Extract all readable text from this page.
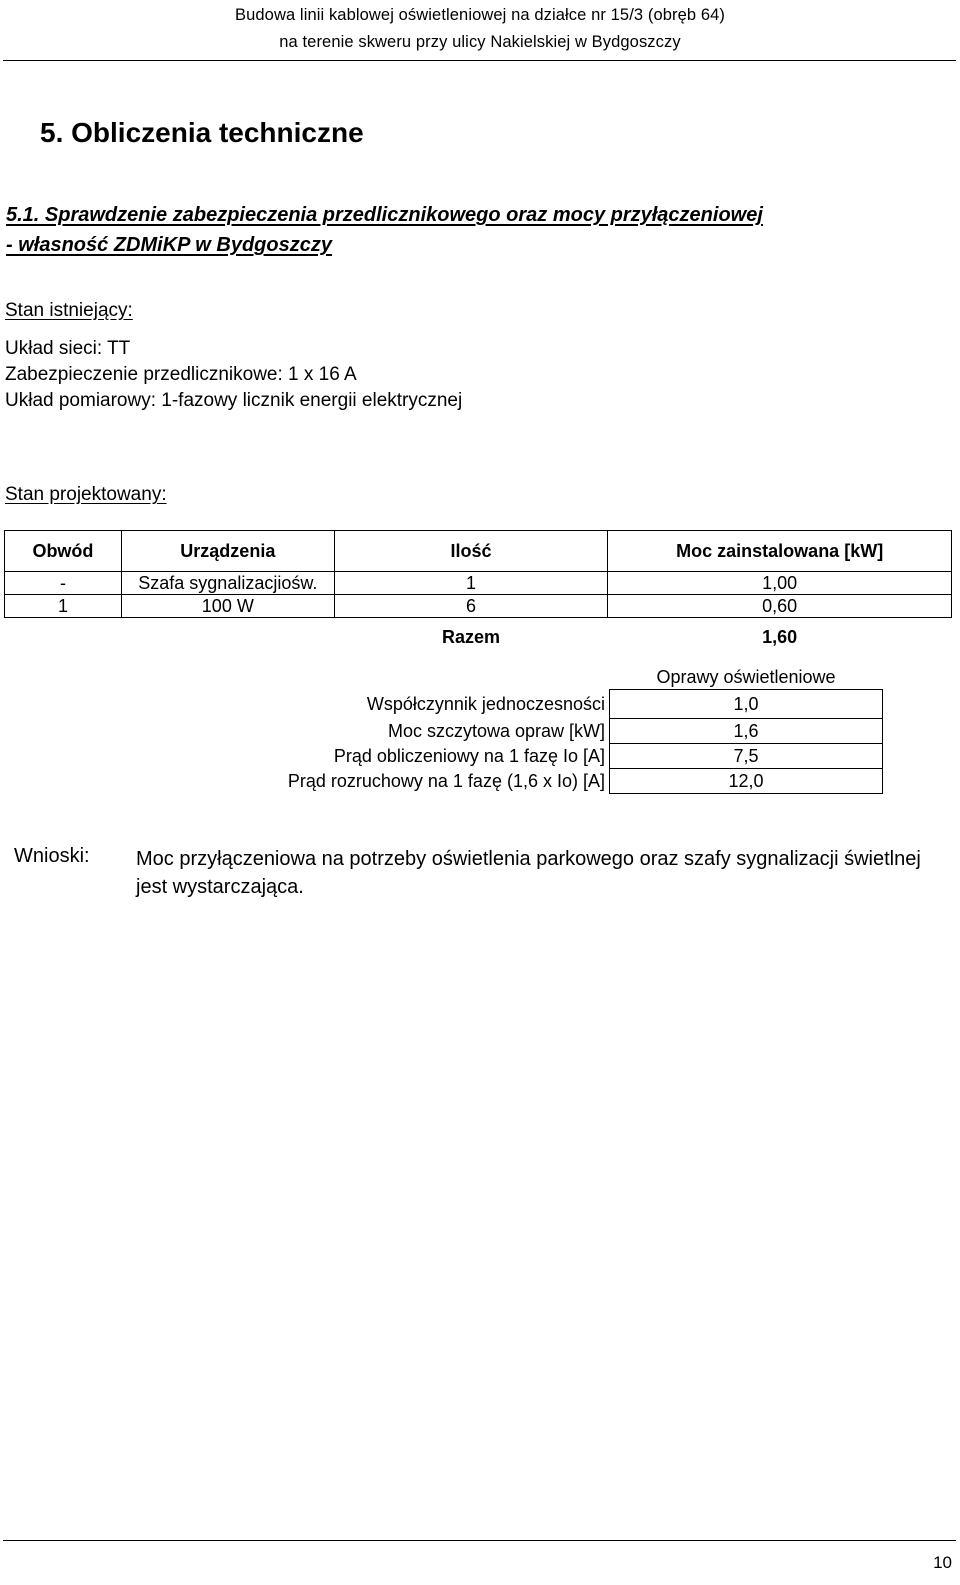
Budowa linii kablowej oświetleniowej na działce nr 15/3 (obręb 64)
na terenie skweru przy ulicy Nakielskiej w Bydgoszczy
5. Obliczenia techniczne
5.1. Sprawdzenie zabezpieczenia przedlicznikowego oraz mocy przyłączeniowej
- własność ZDMiKP w Bydgoszczy
Stan istniejący:
Układ sieci: TT
Zabezpieczenie przedlicznikowe: 1 x 16 A
Układ pomiarowy: 1-fazowy licznik energii elektrycznej
Stan projektowany:
Obwód	Urządzenia	Ilość	Moc zainstalowana [kW]
-	Szafa sygnalizacjiośw.	1	1,00
1	100 W	6	0,60
		Razem	1,60
	Oprawy oświetleniowe
Współczynnik jednoczesności	1,0
Moc szczytowa opraw [kW]	1,6
Prąd obliczeniowy na 1 fazę Io [A]	7,5
Prąd rozruchowy na 1 fazę (1,6 x Io) [A]	12,0
Wnioski: Moc przyłączeniowa na potrzeby oświetlenia parkowego oraz szafy sygnalizacji świetlnej jest wystarczająca.
10
